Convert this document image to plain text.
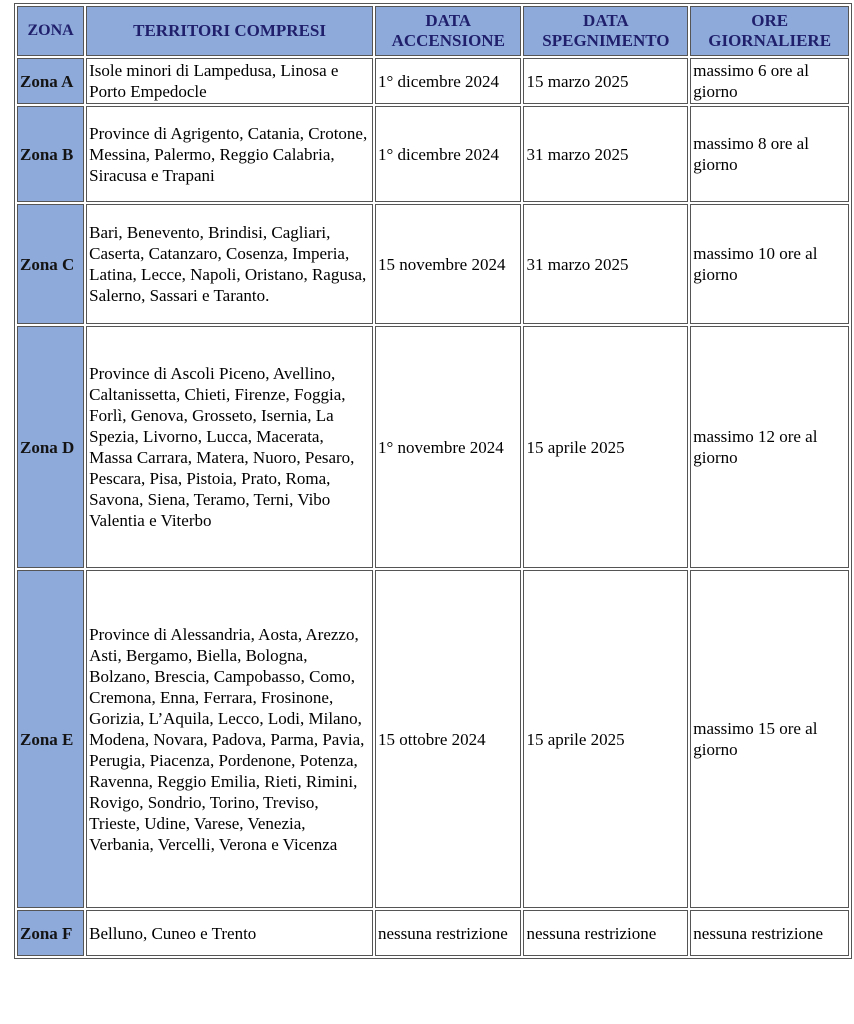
ZONA	TERRITORI COMPRESI	DATA ACCENSIONE	DATA SPEGNIMENTO	ORE GIORNALIERE
Zona A	Isole minori di Lampedusa, Linosa e Porto Empedocle	1° dicembre 2024	15 marzo 2025	massimo 6 ore al giorno
Zona B	Province di Agrigento, Catania, Crotone, Messina, Palermo, Reggio Calabria, Siracusa e Trapani	1° dicembre 2024	31 marzo 2025	massimo 8 ore al giorno
Zona C	Bari, Benevento, Brindisi, Cagliari, Caserta, Catanzaro, Cosenza, Imperia, Latina, Lecce, Napoli, Oristano, Ragusa, Salerno, Sassari e Taranto.	15 novembre 2024	31 marzo 2025	massimo 10 ore al giorno
Zona D	Province di Ascoli Piceno, Avellino, Caltanissetta, Chieti, Firenze, Foggia, Forlì, Genova, Grosseto, Isernia, La Spezia, Livorno, Lucca, Macerata, Massa Carrara, Matera, Nuoro, Pesaro, Pescara, Pisa, Pistoia, Prato, Roma, Savona, Siena, Teramo, Terni, Vibo Valentia e Viterbo	1° novembre 2024	15 aprile 2025	massimo 12 ore al giorno
Zona E	Province di Alessandria, Aosta, Arezzo, Asti, Bergamo, Biella, Bologna, Bolzano, Brescia, Campobasso, Como, Cremona, Enna, Ferrara, Frosinone, Gorizia, L’Aquila, Lecco, Lodi, Milano, Modena, Novara, Padova, Parma, Pavia, Perugia, Piacenza, Pordenone, Potenza, Ravenna, Reggio Emilia, Rieti, Rimini, Rovigo, Sondrio, Torino, Treviso, Trieste, Udine, Varese, Venezia, Verbania, Vercelli, Verona e Vicenza	15 ottobre 2024	15 aprile 2025	massimo 15 ore al giorno
Zona F	Belluno, Cuneo e Trento	nessuna restrizione	nessuna restrizione	nessuna restrizione
